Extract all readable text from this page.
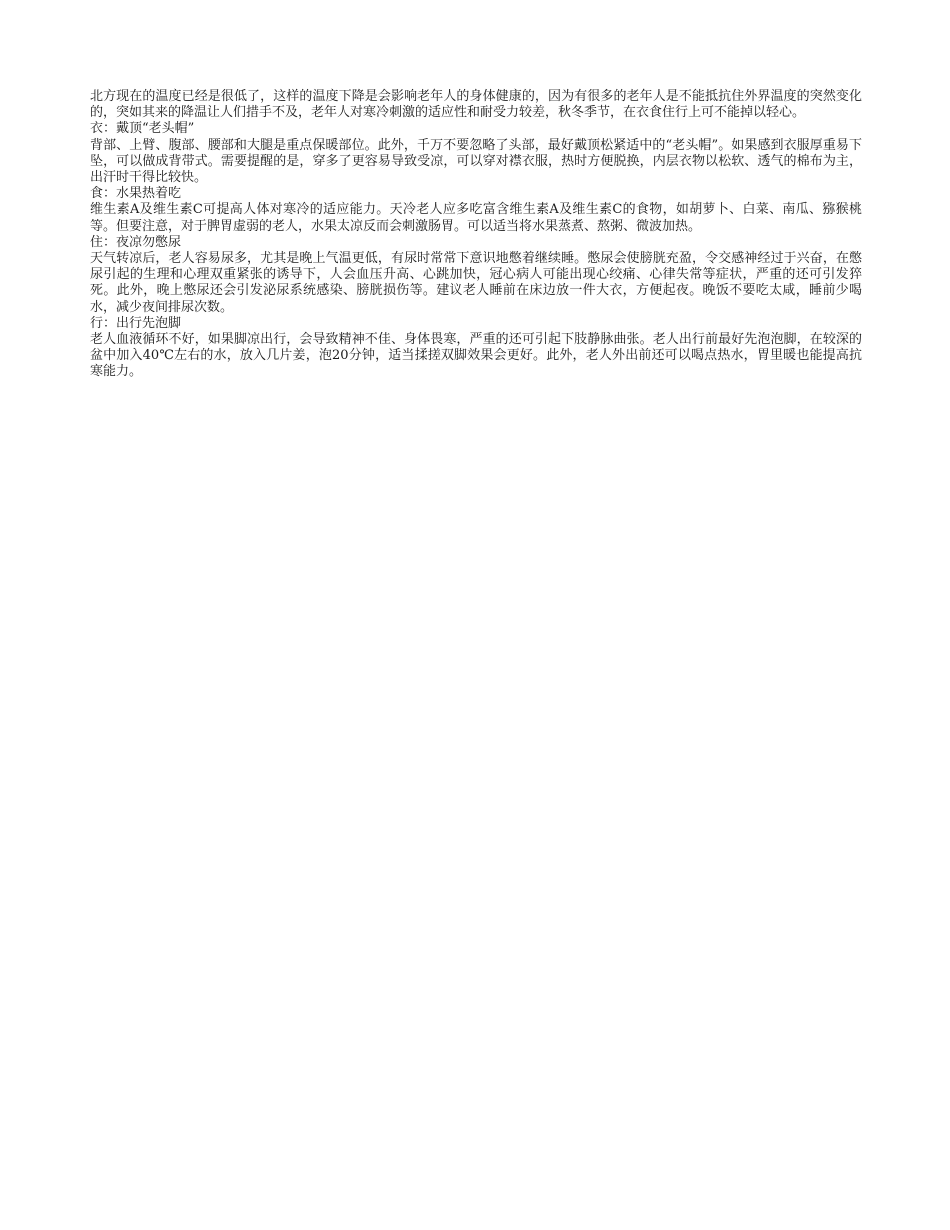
北方现在的温度已经是很低了，这样的温度下降是会影响老年人的身体健康的，因为有很多的老年人是不能抵抗住外界温度的突然变化的，突如其来的降温让人们措手不及，老年人对寒冷刺激的适应性和耐受力较差，秋冬季节，在衣食住行上可不能掉以轻心。

衣：戴顶“老头帽”

背部、上臂、腹部、腰部和大腿是重点保暖部位。此外，千万不要忽略了头部，最好戴顶松紧适中的“老头帽”。如果感到衣服厚重易下坠，可以做成背带式。需要提醒的是，穿多了更容易导致受凉，可以穿对襟衣服，热时方便脱换，内层衣物以松软、透气的棉布为主，出汗时干得比较快。

食：水果热着吃

维生素A及维生素C可提高人体对寒冷的适应能力。天冷老人应多吃富含维生素A及维生素C的食物，如胡萝卜、白菜、南瓜、猕猴桃等。但要注意，对于脾胃虚弱的老人，水果太凉反而会刺激肠胃。可以适当将水果蒸煮、熬粥、微波加热。

住：夜凉勿憋尿

天气转凉后，老人容易尿多，尤其是晚上气温更低，有尿时常常下意识地憋着继续睡。憋尿会使膀胱充盈，令交感神经过于兴奋，在憋尿引起的生理和心理双重紧张的诱导下，人会血压升高、心跳加快，冠心病人可能出现心绞痛、心律失常等症状，严重的还可引发猝死。此外，晚上憋尿还会引发泌尿系统感染、膀胱损伤等。建议老人睡前在床边放一件大衣，方便起夜。晚饭不要吃太咸，睡前少喝水，减少夜间排尿次数。

行：出行先泡脚

老人血液循环不好，如果脚凉出行，会导致精神不佳、身体畏寒，严重的还可引起下肢静脉曲张。老人出行前最好先泡泡脚，在较深的盆中加入40℃左右的水，放入几片姜，泡20分钟，适当揉搓双脚效果会更好。此外，老人外出前还可以喝点热水，胃里暖也能提高抗寒能力。
